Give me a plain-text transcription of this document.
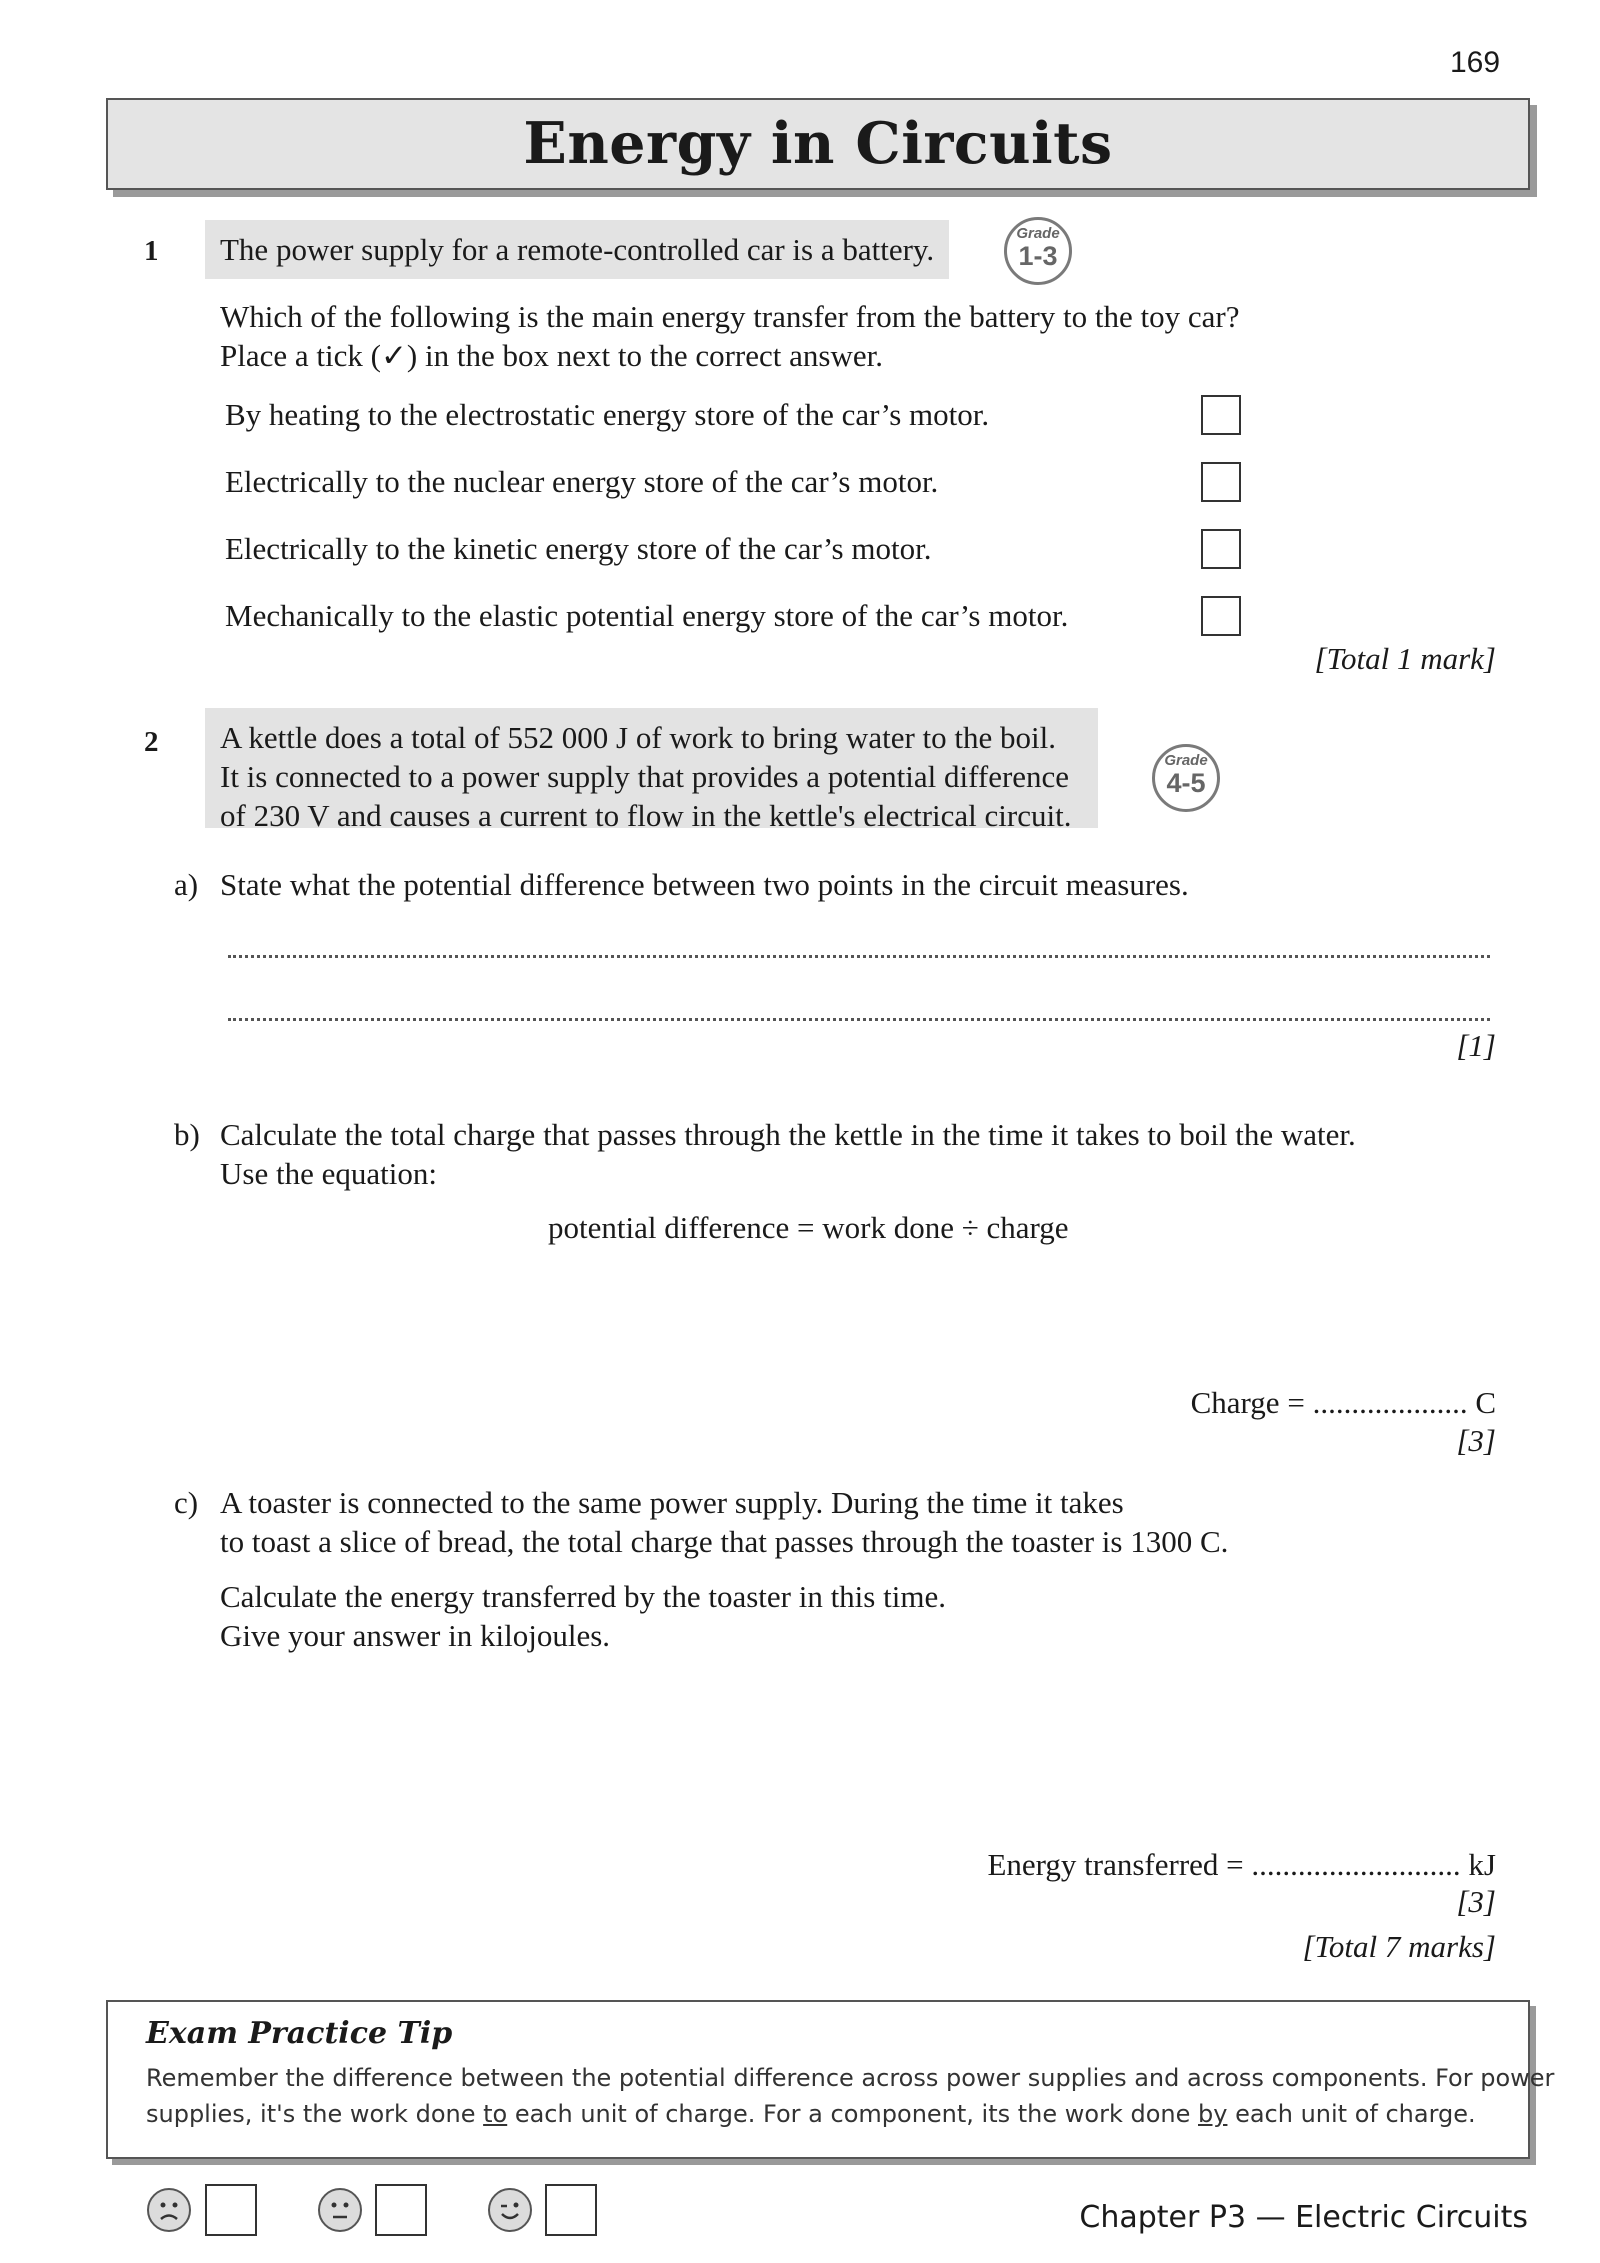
169
Energy in Circuits
1	The power supply for a remote-controlled car is a battery.	Grade
1-3
Which of the following is the main energy transfer from the battery to the toy car?
Place a tick (✓) in the box next to the correct answer.
By heating to the electrostatic energy store of the car’s motor.
Electrically to the nuclear energy store of the car’s motor.
Electrically to the kinetic energy store of the car’s motor.
Mechanically to the elastic potential energy store of the car’s motor.
[Total 1 mark]
2 A kettle does a total of 552 000 J of work to bring water to the boil.
It is connected to a power supply that provides a potential difference
of 230 V and causes a current to flow in the kettle's electrical circuit.
Grade
4-5
a) State what the potential difference between two points in the circuit measures.
[1]
b) Calculate the total charge that passes through the kettle in the time it takes to boil the water.
Use the equation:
potential difference = work done ÷ charge
Charge = .................... C
[3]
c) A toaster is connected to the same power supply. During the time it takes
to toast a slice of bread, the total charge that passes through the toaster is 1300 C.
Calculate the energy transferred by the toaster in this time.
Give your answer in kilojoules.
Energy transferred = ........................... kJ
[3]
[Total 7 marks]
Exam Practice Tip
Remember the difference between the potential difference across power supplies and across components. For power
supplies, it's the work done to each unit of charge. For a component, its the work done by each unit of charge.
Chapter P3 — Electric Circuits
